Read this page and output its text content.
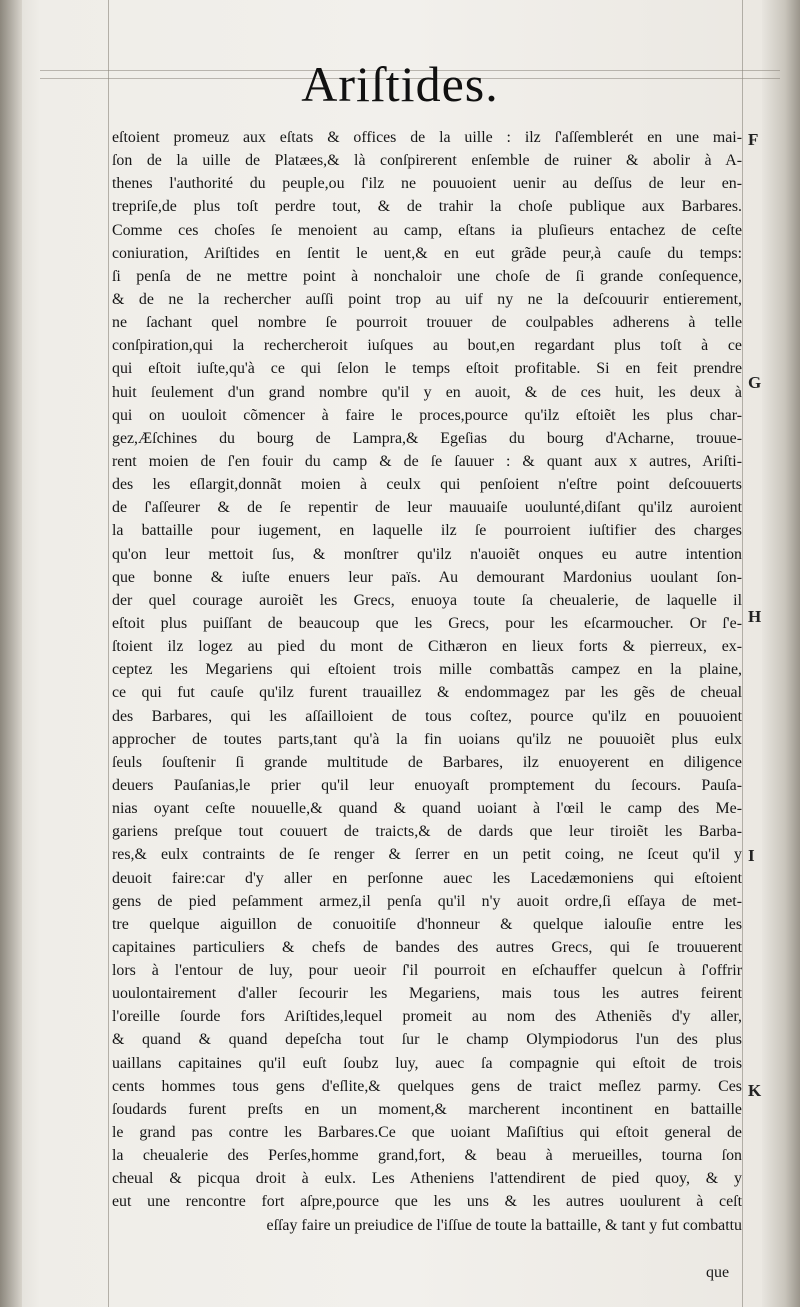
Ariſtides.
eſtoient promeuz aux eſtats & offices de la uille : ilz ſ'aſſemblerét en une mai-
ſon de la uille de Platæes,& là conſpirerent enſemble de ruiner & abolir à A-
thenes l'authorité du peuple,ou ſ'ilz ne pouuoient uenir au deſſus de leur en-
trepriſe,de plus toſt perdre tout, & de trahir la choſe publique aux Barbares.
Comme ces choſes ſe menoient au camp, eſtans ia pluſieurs entachez de ceſte
coniuration, Ariſtides en ſentit le uent,& en eut grãde peur,à cauſe du temps:
ſi penſa de ne mettre point à nonchaloir une choſe de ſi grande conſequence,
& de ne la rechercher auſſi point trop au uif ny ne la deſcouurir entierement,
ne ſachant quel nombre ſe pourroit trouuer de coulpables adherens à telle
conſpiration,qui la rechercheroit iuſques au bout,en regardant plus toſt à ce
qui eſtoit iuſte,qu'à ce qui ſelon le temps eſtoit profitable. Si en feit prendre
huit ſeulement d'un grand nombre qu'il y en auoit, & de ces huit, les deux à
qui on uouloit cõmencer à faire le proces,pource qu'ilz eſtoiẽt les plus char-
gez,Æſchines du bourg de Lampra,& Egeſias du bourg d'Acharne, trouue-
rent moien de ſ'en fouir du camp & de ſe ſauuer : & quant aux x autres, Ariſti-
des les eſlargit,donnãt moien à ceulx qui penſoient n'eſtre point deſcouuerts
de ſ'aſſeurer & de ſe repentir de leur mauuaiſe uoulunté,diſant qu'ilz auroient
la battaille pour iugement, en laquelle ilz ſe pourroient iuſtifier des charges
qu'on leur mettoit ſus, & monſtrer qu'ilz n'auoiẽt onques eu autre intention
que bonne & iuſte enuers leur païs. Au demourant Mardonius uoulant ſon-
der quel courage auroiẽt les Grecs, enuoya toute ſa cheualerie, de laquelle il
eſtoit plus puiſſant de beaucoup que les Grecs, pour les eſcarmoucher. Or ſ'e-
ſtoient ilz logez au pied du mont de Cithæron en lieux forts & pierreux, ex-
ceptez les Megariens qui eſtoient trois mille combattãs campez en la plaine,
ce qui fut cauſe qu'ilz furent trauaillez & endommagez par les gẽs de cheual
des Barbares, qui les aſſailloient de tous coſtez, pource qu'ilz en pouuoient
approcher de toutes parts,tant qu'à la fin uoians qu'ilz ne pouuoiẽt plus eulx
ſeuls ſouſtenir ſi grande multitude de Barbares, ilz enuoyerent en diligence
deuers Pauſanias,le prier qu'il leur enuoyaſt promptement du ſecours. Pauſa-
nias oyant ceſte nouuelle,& quand & quand uoiant à l'œil le camp des Me-
gariens preſque tout couuert de traicts,& de dards que leur tiroiẽt les Barba-
res,& eulx contraints de ſe renger & ſerrer en un petit coing, ne ſceut qu'il y
deuoit faire:car d'y aller en perſonne auec les Lacedæmoniens qui eſtoient
gens de pied peſamment armez,il penſa qu'il n'y auoit ordre,ſi eſſaya de met-
tre quelque aiguillon de conuoitiſe d'honneur & quelque ialouſie entre les
capitaines particuliers & chefs de bandes des autres Grecs, qui ſe trouuerent
lors à l'entour de luy, pour ueoir ſ'il pourroit en eſchauffer quelcun à ſ'offrir
uoulontairement d'aller ſecourir les Megariens, mais tous les autres feirent
l'oreille ſourde fors Ariſtides,lequel promeit au nom des Atheniẽs d'y aller,
& quand & quand depeſcha tout ſur le champ Olympiodorus l'un des plus
uaillans capitaines qu'il euſt ſoubz luy, auec ſa compagnie qui eſtoit de trois
cents hommes tous gens d'eſlite,& quelques gens de traict meſlez parmy. Ces
ſoudards furent preſts en un moment,& marcherent incontinent en battaille
le grand pas contre les Barbares.Ce que uoiant Maſiſtius qui eſtoit general de
la cheualerie des Perſes,homme grand,fort, & beau à merueilles, tourna ſon
cheual & picqua droit à eulx. Les Atheniens l'attendirent de pied quoy, & y
eut une rencontre fort aſpre,pource que les uns & les autres uoulurent à ceſt
eſſay faire un preiudice de l'iſſue de toute la battaille, & tant y fut combattu
F
G
H
I
K
que
